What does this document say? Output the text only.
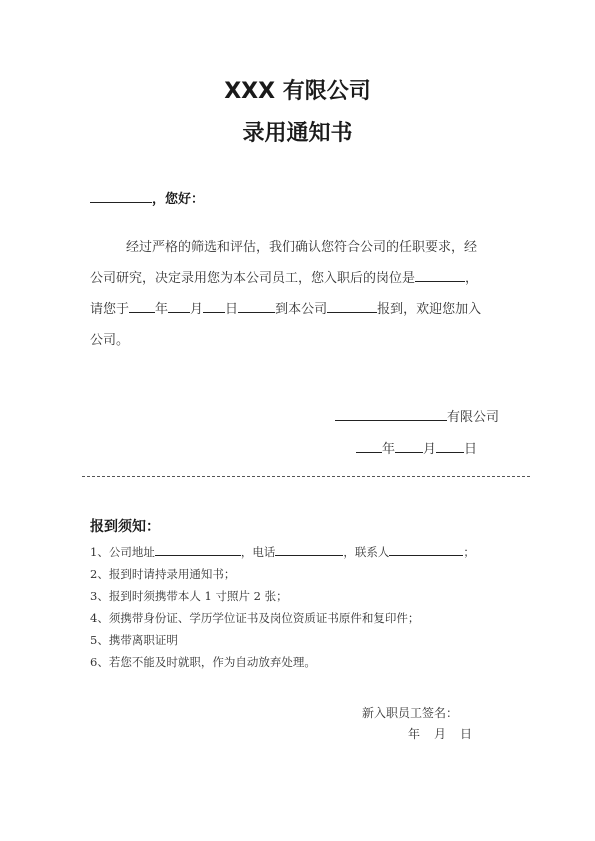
XXX 有限公司
录用通知书
，您好：
经过严格的筛选和评估，我们确认您符合公司的任职要求，经
公司研究，决定录用您为本公司员工，您入职后的岗位是	，
请您于 年 月 日	到本公司	报到，欢迎您加入
公司。
有限公司
年 月 日
报到须知：
1、公司地址	，电话	，联系人	；
2、报到时请持录用通知书；
3、报到时须携带本人 1 寸照片 2 张；
4、须携带身份证、学历学位证书及岗位资质证书原件和复印件；
5、携带离职证明
6、若您不能及时就职，作为自动放弃处理。
新入职员工签名：
年 月 日
